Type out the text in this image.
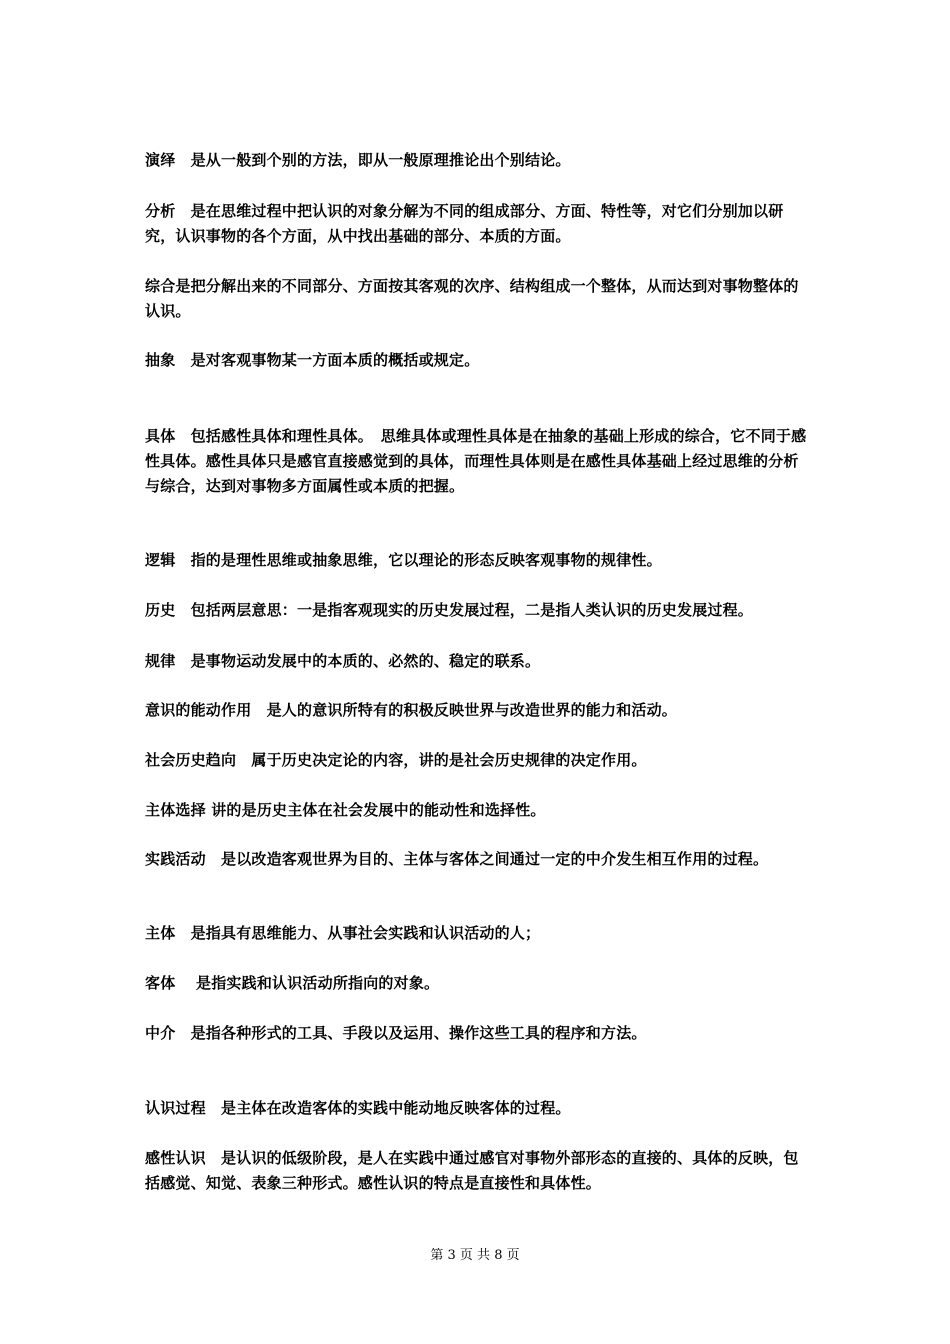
演绎　是从一般到个别的方法，即从一般原理推论出个别结论。

分析　是在思维过程中把认识的对象分解为不同的组成部分、方面、特性等，对它们分别加以研究，认识事物的各个方面，从中找出基础的部分、本质的方面。

综合是把分解出来的不同部分、方面按其客观的次序、结构组成一个整体，从而达到对事物整体的认识。

抽象　是对客观事物某一方面本质的概括或规定。

具体　包括感性具体和理性具体。　思维具体或理性具体是在抽象的基础上形成的综合，它不同于感性具体。感性具体只是感官直接感觉到的具体，而理性具体则是在感性具体基础上经过思维的分析与综合，达到对事物多方面属性或本质的把握。

逻辑　指的是理性思维或抽象思维，它以理论的形态反映客观事物的规律性。

历史　包括两层意思：一是指客观现实的历史发展过程，二是指人类认识的历史发展过程。

规律　是事物运动发展中的本质的、必然的、稳定的联系。

意识的能动作用　是人的意识所特有的积极反映世界与改造世界的能力和活动。

社会历史趋向　属于历史决定论的内容，讲的是社会历史规律的决定作用。

主体选择 讲的是历史主体在社会发展中的能动性和选择性。

实践活动　是以改造客观世界为目的、主体与客体之间通过一定的中介发生相互作用的过程。

主体　是指具有思维能力、从事社会实践和认识活动的人；

客体　 是指实践和认识活动所指向的对象。

中介　是指各种形式的工具、手段以及运用、操作这些工具的程序和方法。

认识过程　是主体在改造客体的实践中能动地反映客体的过程。

感性认识　是认识的低级阶段，是人在实践中通过感官对事物外部形态的直接的、具体的反映，包括感觉、知觉、表象三种形式。感性认识的特点是直接性和具体性。

第 3 页 共 8 页
